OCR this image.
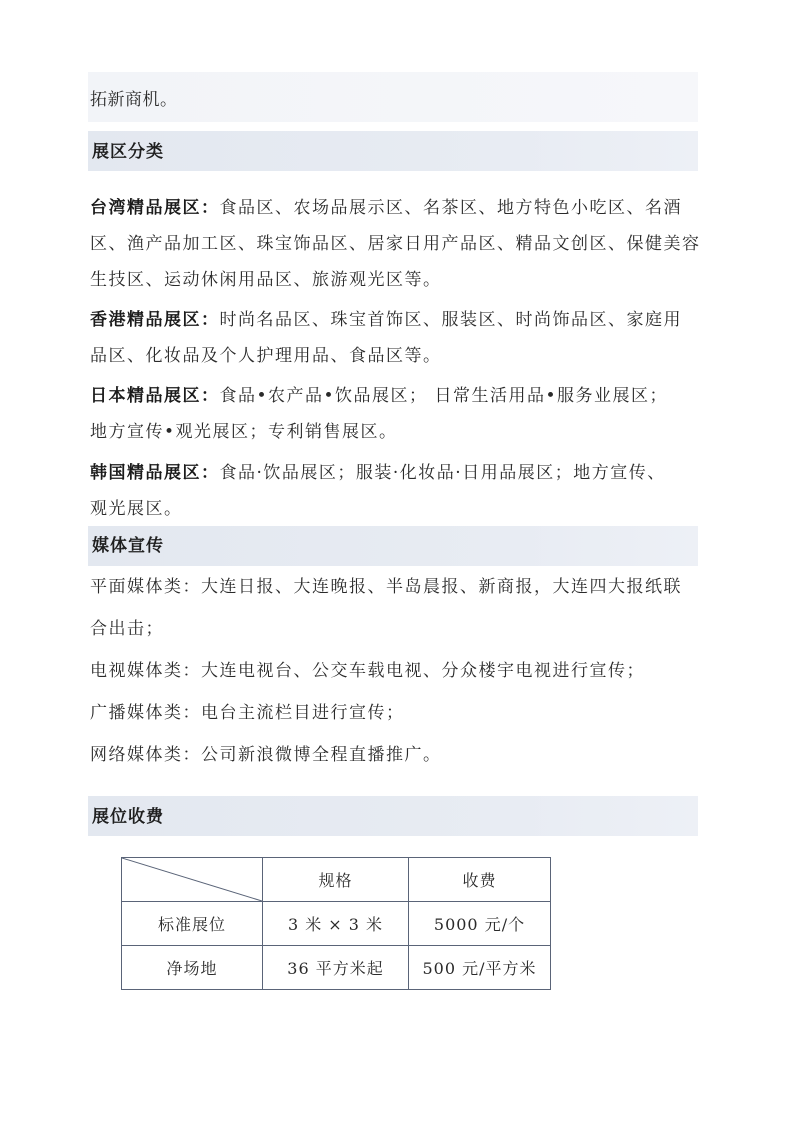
拓新商机。
展区分类
台湾精品展区：食品区、农场品展示区、名茶区、地方特色小吃区、名酒
区、渔产品加工区、珠宝饰品区、居家日用产品区、精品文创区、保健美容
生技区、运动休闲用品区、旅游观光区等。
香港精品展区：时尚名品区、珠宝首饰区、服装区、时尚饰品区、家庭用
品区、化妆品及个人护理用品、食品区等。
日本精品展区：食品•农产品•饮品展区； 日常生活用品•服务业展区；
地方宣传•观光展区；专利销售展区。
韩国精品展区：食品·饮品展区；服装·化妆品·日用品展区；地方宣传、
观光展区。
媒体宣传
平面媒体类：大连日报、大连晚报、半岛晨报、新商报，大连四大报纸联
合出击；
电视媒体类：大连电视台、公交车载电视、分众楼宇电视进行宣传；
广播媒体类：电台主流栏目进行宣传；
网络媒体类：公司新浪微博全程直播推广。
展位收费
	规格	收费
标准展位	3 米 × 3 米	5000 元/个
净场地	36 平方米起	500 元/平方米
